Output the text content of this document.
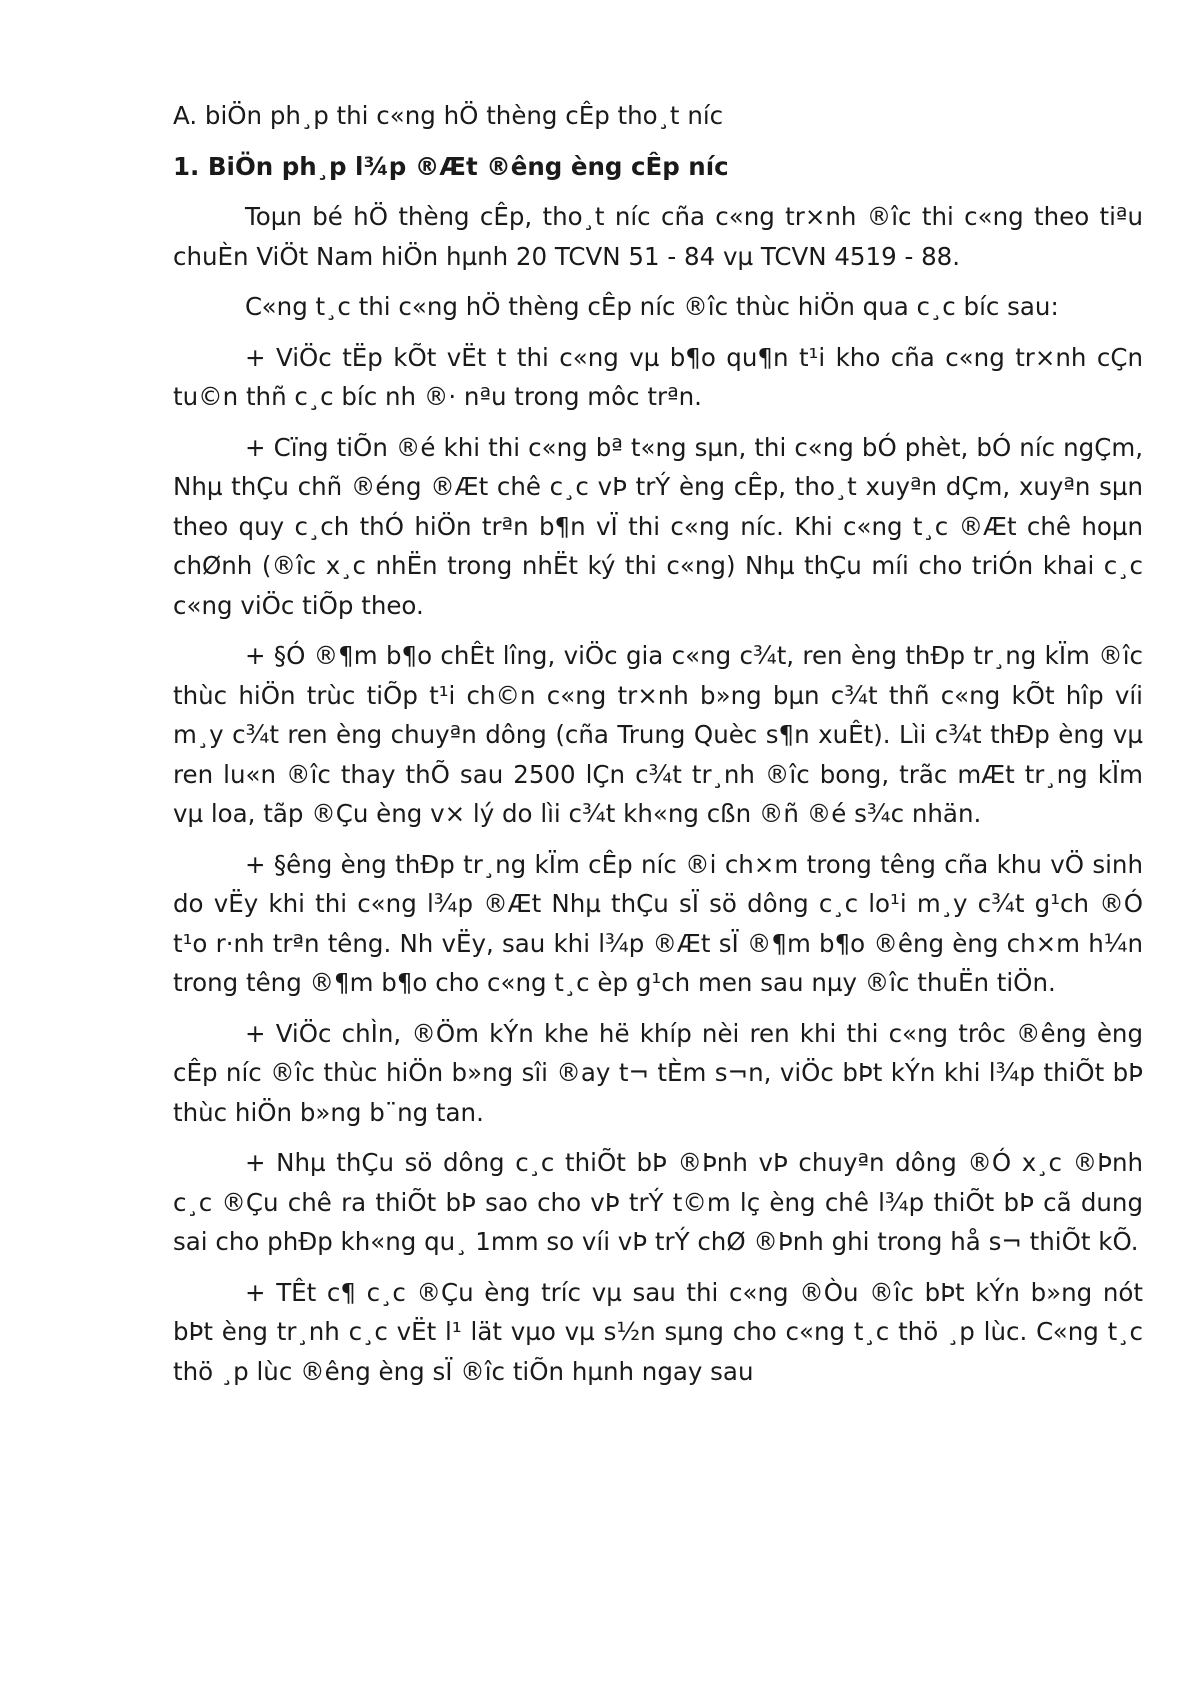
A. biÖn ph¸p thi c«ng hÖ thèng cÊp tho¸t níc
1. BiÖn ph¸p l¾p ®Æt ®êng èng cÊp níc

Toµn bé hÖ thèng cÊp, tho¸t níc cña c«ng tr×nh ®îc thi c«ng theo tiªu chuÈn ViÖt Nam hiÖn hµnh 20 TCVN 51 - 84 vµ TCVN 4519 - 88.

C«ng t¸c thi c«ng hÖ thèng cÊp níc ®îc thùc hiÖn qua c¸c bíc sau:

+ ViÖc tËp kÕt vËt t thi c«ng vµ b¶o qu¶n t¹i kho cña c«ng tr×nh cÇn tu©n thñ c¸c bíc nh ®· nªu trong môc trªn.

+ Cïng tiÕn ®é khi thi c«ng bª t«ng sµn, thi c«ng bÓ phèt, bÓ níc ngÇm, Nhµ thÇu chñ ®éng ®Æt chê c¸c vÞ trÝ èng cÊp, tho¸t xuyªn dÇm, xuyªn sµn theo quy c¸ch thÓ hiÖn trªn b¶n vÏ thi c«ng níc. Khi c«ng t¸c ®Æt chê hoµn chØnh (®îc x¸c nhËn trong nhËt ký thi c«ng) Nhµ thÇu míi cho triÓn khai c¸c c«ng viÖc tiÕp theo.

+ §Ó ®¶m b¶o chÊt lîng, viÖc gia c«ng c¾t, ren èng thÐp tr¸ng kÏm ®îc thùc hiÖn trùc tiÕp t¹i ch©n c«ng tr×nh b»ng bµn c¾t thñ c«ng kÕt hîp víi m¸y c¾t ren èng chuyªn dông (cña Trung Quèc s¶n xuÊt). Lìi c¾t thÐp èng vµ ren lu«n ®îc thay thÕ sau 2500 lÇn c¾t tr¸nh ®îc bong, trãc mÆt tr¸ng kÏm vµ loa, tãp ®Çu èng v× lý do lìi c¾t kh«ng cßn ®ñ ®é s¾c nhän.

+ §êng èng thÐp tr¸ng kÏm cÊp níc ®i ch×m trong têng cña khu vÖ sinh do vËy khi thi c«ng l¾p ®Æt Nhµ thÇu sÏ sö dông c¸c lo¹i m¸y c¾t g¹ch ®Ó t¹o r·nh trªn têng. Nh vËy, sau khi l¾p ®Æt sÏ ®¶m b¶o ®êng èng ch×m h¼n trong têng ®¶m b¶o cho c«ng t¸c èp g¹ch men sau nµy ®îc thuËn tiÖn.

+ ViÖc chÌn, ®Öm kÝn khe hë khíp nèi ren khi thi c«ng trôc ®êng èng cÊp níc ®îc thùc hiÖn b»ng sîi ®ay t¬ tÈm s¬n, viÖc bÞt kÝn khi l¾p thiÕt bÞ thùc hiÖn b»ng b¨ng tan.

+ Nhµ thÇu sö dông c¸c thiÕt bÞ ®Þnh vÞ chuyªn dông ®Ó x¸c ®Þnh c¸c ®Çu chê ra thiÕt bÞ sao cho vÞ trÝ t©m lç èng chê l¾p thiÕt bÞ cã dung sai cho phÐp kh«ng qu¸ 1mm so víi vÞ trÝ chØ ®Þnh ghi trong hå s¬ thiÕt kÕ.

+ TÊt c¶ c¸c ®Çu èng tríc vµ sau thi c«ng ®Òu ®îc bÞt kÝn b»ng nót bÞt èng tr¸nh c¸c vËt l¹ lät vµo vµ s½n sµng cho c«ng t¸c thö ¸p lùc. C«ng t¸c thö ¸p lùc ®êng èng sÏ ®îc tiÕn hµnh ngay sau
